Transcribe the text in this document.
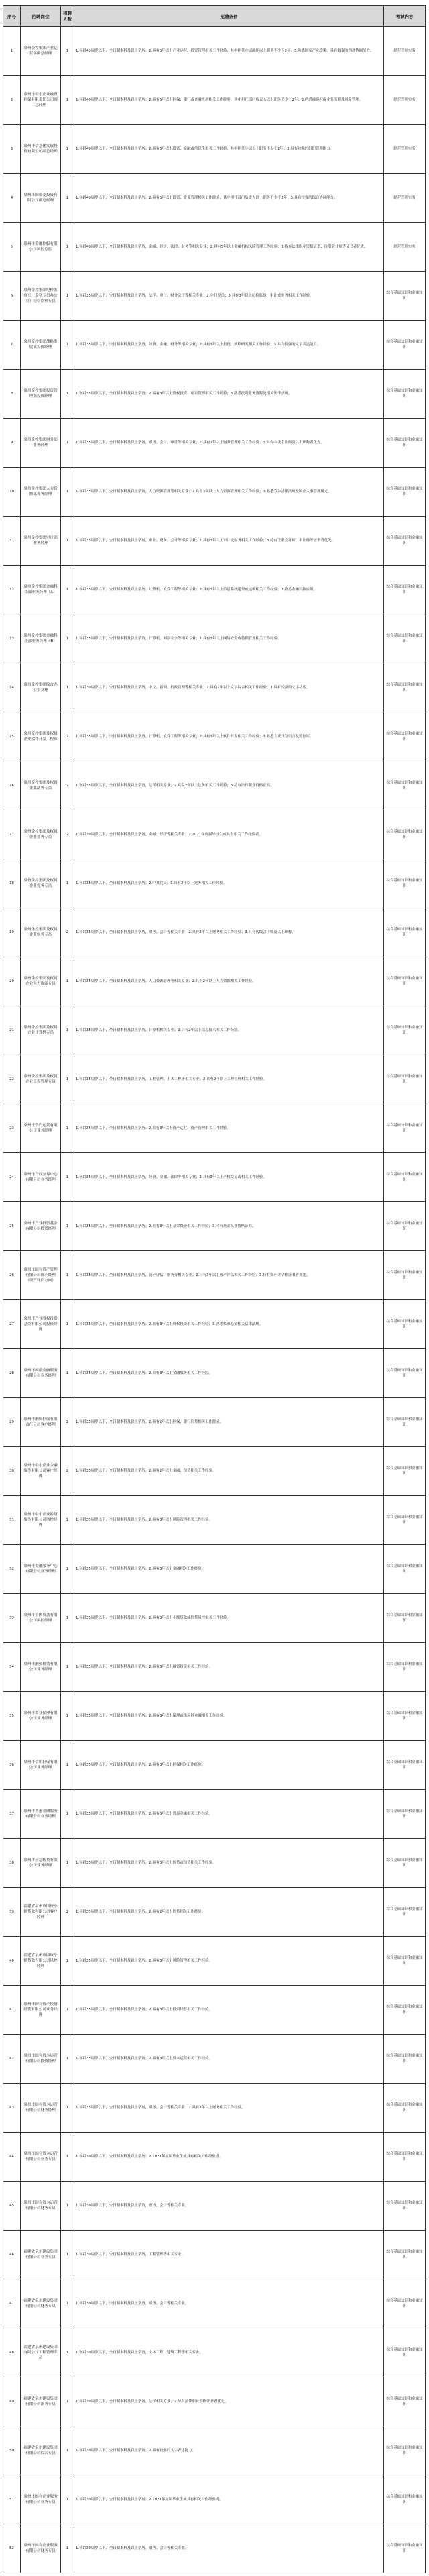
序号	招聘岗位	招聘人数	招聘条件	考试内容
1	泉州金控集团产业运营部副总经理	1	1.年龄40周岁以下，全日制本科及以上学历；2.具有5年以上产业运营、投资管理相关工作经验，其中担任中层副职以上职务不少于2年；3.熟悉国家产业政策，具有较强的沟通协调能力。	经营管理实务
2	泉州市中小企业融资担保有限责任公司副总经理	1	1.年龄40周岁以下，全日制本科及以上学历；2.具有5年以上担保、银行或金融机构相关工作经验，其中担任部门负责人以上职务不少于2年；3.熟悉融资担保业务流程及风险管理。	经营管理实务
3	泉州市信息化发展投资有限公司副总经理	1	1.年龄40周岁以下，全日制本科及以上学历；2.具有5年以上投资、金融或信息化相关工作经验，其中担任中层以上职务不少于2年；3.具有较强的组织管理能力。	经营管理实务
4	泉州市国资委投资有限公司副总经理	1	1.年龄40周岁以下，全日制本科及以上学历；2.具有5年以上投资、企业管理相关工作经验，其中担任部门负责人以上职务不少于2年；3.具有较强的综合协调能力。	经营管理实务
5	泉州市金融控股有限公司风控总监	1	1.年龄40周岁以下，全日制本科及以上学历，金融、经济、法律、财务等相关专业；2.具有5年以上金融机构风险管理工作经验；3.持有法律职业资格证书、注册会计师等证书者优先。	经营管理实务
6	泉州金控集团纪检监察室（监察专员办公室）纪检监察专员	1	1.年龄35周岁以下，全日制本科及以上学历，法学、审计、财务会计等相关专业；2.中共党员；3.具有3年以上纪检监察、审计或财务相关工作经验。	综合基础知识和金融知识
7	泉州金控集团战略发展部投资经理	1	1.年龄35周岁以下，全日制本科及以上学历，经济、金融、财务等相关专业；2.具有3年以上投资、战略研究相关工作经验；3.具有较强的文字表达能力。	综合基础知识和金融知识
8	泉州金控集团投资管理部投资经理	1	1.年龄35周岁以下，全日制本科及以上学历；2.具有3年以上股权投资、项目管理相关工作经验；3.熟悉投资业务流程及相关法律法规。	综合基础知识和金融知识
9	泉州金控集团财务部业务经理	1	1.年龄35周岁以下，全日制本科及以上学历，财务、会计、审计等相关专业；2.具有3年以上财务管理相关工作经验；3.具有中级会计师及以上职称者优先。	综合基础知识和金融知识
10	泉州金控集团人力资源部业务经理	1	1.年龄35周岁以下，全日制本科及以上学历，人力资源管理等相关专业；2.具有3年以上人力资源管理相关工作经验；3.熟悉劳动法律法规及国企人事管理规定。	综合基础知识和金融知识
11	泉州金控集团审计部业务经理	1	1.年龄35周岁以下，全日制本科及以上学历，审计、财务、会计等相关专业；2.具有3年以上审计或财务相关工作经验；3.持有注册会计师、审计师等证书者优先。	综合基础知识和金融知识
12	泉州金控集团金融科技部业务经理（A）	1	1.年龄35周岁以下，全日制本科及以上学历，计算机、软件工程等相关专业；2.具有3年以上信息系统建设或运维相关工作经验；3.熟悉金融科技应用。	综合基础知识和金融知识
13	泉州金控集团金融科技部业务经理（B）	1	1.年龄35周岁以下，全日制本科及以上学历，计算机、网络安全等相关专业；2.具有3年以上网络安全或数据管理相关工作经验。	综合基础知识和金融知识
14	泉州金控集团综合办公室文秘	1	1.年龄30周岁以下，全日制本科及以上学历，中文、新闻、行政管理等相关专业；2.具有2年以上文字综合相关工作经验；3.具有较强的文字功底。	综合基础知识和金融知识
15	泉州金控集团及权属企业软件开发工程师	2	1.年龄35周岁以下，全日制本科及以上学历，计算机、软件工程等相关专业；2.具有3年以上软件开发相关工作经验；3.熟悉主流开发语言及数据库。	综合基础知识和金融知识
16	泉州金控集团及权属企业法务专员	2	1.年龄35周岁以下，全日制本科及以上学历，法学相关专业；2.具有2年以上法务相关工作经验；3.持有法律职业资格证书。	综合基础知识和金融知识
17	泉州金控集团及权属企业业务专员	2	1.年龄30周岁以下，全日制本科及以上学历，金融、经济等相关专业；2.2021年应届毕业生或具有相关工作经验者。	综合基础知识和金融知识
18	泉州金控集团及权属企业党务专员	1	1.年龄35周岁以下，全日制本科及以上学历；2.中共党员；3.具有2年以上党务相关工作经验。	综合基础知识和金融知识
19	泉州金控集团及权属企业财务专员	2	1.年龄35周岁以下，全日制本科及以上学历，财务、会计等相关专业；2.具有2年以上财务相关工作经验；3.具有初级会计师及以上职称。	综合基础知识和金融知识
20	泉州金控集团及权属企业人力资源专员	1	1.年龄35周岁以下，全日制本科及以上学历，人力资源管理等相关专业；2.具有2年以上人力资源相关工作经验。	综合基础知识和金融知识
21	泉州金控集团及权属企业计算机专员	1	1.年龄35周岁以下，全日制本科及以上学历，计算机相关专业；2.具有2年以上信息技术相关工作经验。	综合基础知识和金融知识
22	泉州金控集团及权属企业工程管理专员	1	1.年龄35周岁以下，全日制本科及以上学历，工程管理、土木工程等相关专业；2.具有2年以上工程管理相关工作经验。	综合基础知识和金融知识
23	泉州市资产运营有限公司业务经理	1	1.年龄35周岁以下，全日制本科及以上学历；2.具有3年以上资产运营、资产管理相关工作经验。	综合基础知识和金融知识
24	泉州市产权交易中心有限公司业务经理	1	1.年龄35周岁以下，全日制本科及以上学历，经济、金融、法律等相关专业；2.具有3年以上产权交易或相关工作经验。	综合基础知识和金融知识
25	泉州市产业投资基金有限公司投资经理	1	1.年龄35周岁以下，全日制本科及以上学历；2.具有3年以上基金投资相关工作经验；3.持有基金从业资格证书。	综合基础知识和金融知识
26	泉州市国有资产管理有限公司资产经理（资产评估方向）	1	1.年龄35周岁以下，全日制本科及以上学历，资产评估、财务等相关专业；2.具有3年以上资产评估相关工作经验；3.持有资产评估师证书者优先。	综合基础知识和金融知识
27	泉州市产业股权投资基金有限公司投资经理	1	1.年龄35周岁以下，全日制本科及以上学历；2.具有3年以上股权投资相关工作经验；3.熟悉私募基金相关法律法规。	综合基础知识和金融知识
28	泉州市闽南金融服务有限公司业务经理	1	1.年龄35周岁以下，全日制本科及以上学历；2.具有3年以上金融服务相关工作经验。	综合基础知识和金融知识
29	泉州市融资担保有限责任公司客户经理	2	1.年龄35周岁以下，全日制本科及以上学历；2.具有2年以上担保、银行信贷相关工作经验。	综合基础知识和金融知识
30	泉州市中小企业金融服务有限公司客户经理	2	1.年龄35周岁以下，全日制本科及以上学历；2.具有2年以上金融、信贷相关工作经验。	综合基础知识和金融知识
31	泉州市中小企业转贷服务有限公司风控经理	1	1.年龄35周岁以下，全日制本科及以上学历；2.具有3年以上风险管理相关工作经验。	综合基础知识和金融知识
32	泉州市金融服务中心有限公司业务经理	1	1.年龄35周岁以下，全日制本科及以上学历；2.具有3年以上金融相关工作经验。	综合基础知识和金融知识
33	泉州市小额贷款有限公司风控经理	1	1.年龄35周岁以下，全日制本科及以上学历；2.具有3年以上小额贷款或信贷风控相关工作经验。	综合基础知识和金融知识
34	泉州市融资租赁有限公司业务经理	1	1.年龄35周岁以下，全日制本科及以上学历；2.具有3年以上融资租赁相关工作经验。	综合基础知识和金融知识
35	泉州市商业保理有限公司业务经理	1	1.年龄35周岁以下，全日制本科及以上学历；2.具有3年以上保理或供应链金融相关工作经验。	综合基础知识和金融知识
36	泉州市信用担保有限公司业务经理	1	1.年龄35周岁以下，全日制本科及以上学历；2.具有3年以上担保相关工作经验。	综合基础知识和金融知识
37	泉州市普惠金融服务有限公司业务经理	1	1.年龄35周岁以下，全日制本科及以上学历；2.具有3年以上普惠金融相关工作经验。	综合基础知识和金融知识
38	泉州市应急转贷有限公司业务经理	1	1.年龄35周岁以下，全日制本科及以上学历；2.具有3年以上转贷或信贷相关工作经验。	综合基础知识和金融知识
39	福建省泉州市国资小额贷款有限公司客户经理	2	1.年龄35周岁以下，全日制本科及以上学历；2.具有2年以上信贷相关工作经验。	综合基础知识和金融知识
40	福建省泉州市国资小额贷款有限公司风控经理	1	1.年龄35周岁以下，全日制本科及以上学历；2.具有3年以上风险管理相关工作经验。	综合基础知识和金融知识
41	泉州市国有资产投资经营有限公司业务经理	1	1.年龄35周岁以下，全日制本科及以上学历；2.具有3年以上投资经营相关工作经验。	综合基础知识和金融知识
42	泉州市国有资本运营有限公司投资经理	1	1.年龄35周岁以下，全日制本科及以上学历；2.具有3年以上资本运营相关工作经验。	综合基础知识和金融知识
43	泉州市国有资本运营有限公司财务经理	1	1.年龄35周岁以下，全日制本科及以上学历，财务、会计等相关专业；2.具有3年以上财务相关工作经验。	综合基础知识和金融知识
44	泉州市国有资本运营有限公司业务专员	1	1.年龄30周岁以下，全日制本科及以上学历；2.2021年应届毕业生或具有相关工作经验者。	综合基础知识和金融知识
45	泉州市国有资本运营有限公司财务专员	1	1.年龄30周岁以下，全日制本科及以上学历，财务、会计等相关专业。	综合基础知识和金融知识
46	福建省泉州建设集团有限公司业务专员	1	1.年龄30周岁以下，全日制本科及以上学历，工程管理等相关专业。	综合基础知识和金融知识
47	福建省泉州建设集团有限公司财务专员	1	1.年龄30周岁以下，全日制本科及以上学历，财务、会计等相关专业。	综合基础知识和金融知识
48	福建省泉州建设集团有限公司工程管理专员	1	1.年龄30周岁以下，全日制本科及以上学历，土木工程、建筑工程等相关专业。	综合基础知识和金融知识
49	福建省泉州建设集团有限公司法务专员	1	1.年龄30周岁以下，全日制本科及以上学历，法学相关专业；2.持有法律职业资格证书者优先。	综合基础知识和金融知识
50	福建省泉州建设集团有限公司综合专员	1	1.年龄30周岁以下，全日制本科及以上学历；2.具有较强的文字表达能力。	综合基础知识和金融知识
51	泉州市国有企业服务有限公司业务专员	1	1.年龄30周岁以下，全日制本科及以上学历；2.2021年应届毕业生或具有相关工作经验者。	综合基础知识和金融知识
52	泉州市国有企业服务有限公司财务专员	1	1.年龄30周岁以下，全日制本科及以上学历，财务、会计等相关专业。	综合基础知识和金融知识
